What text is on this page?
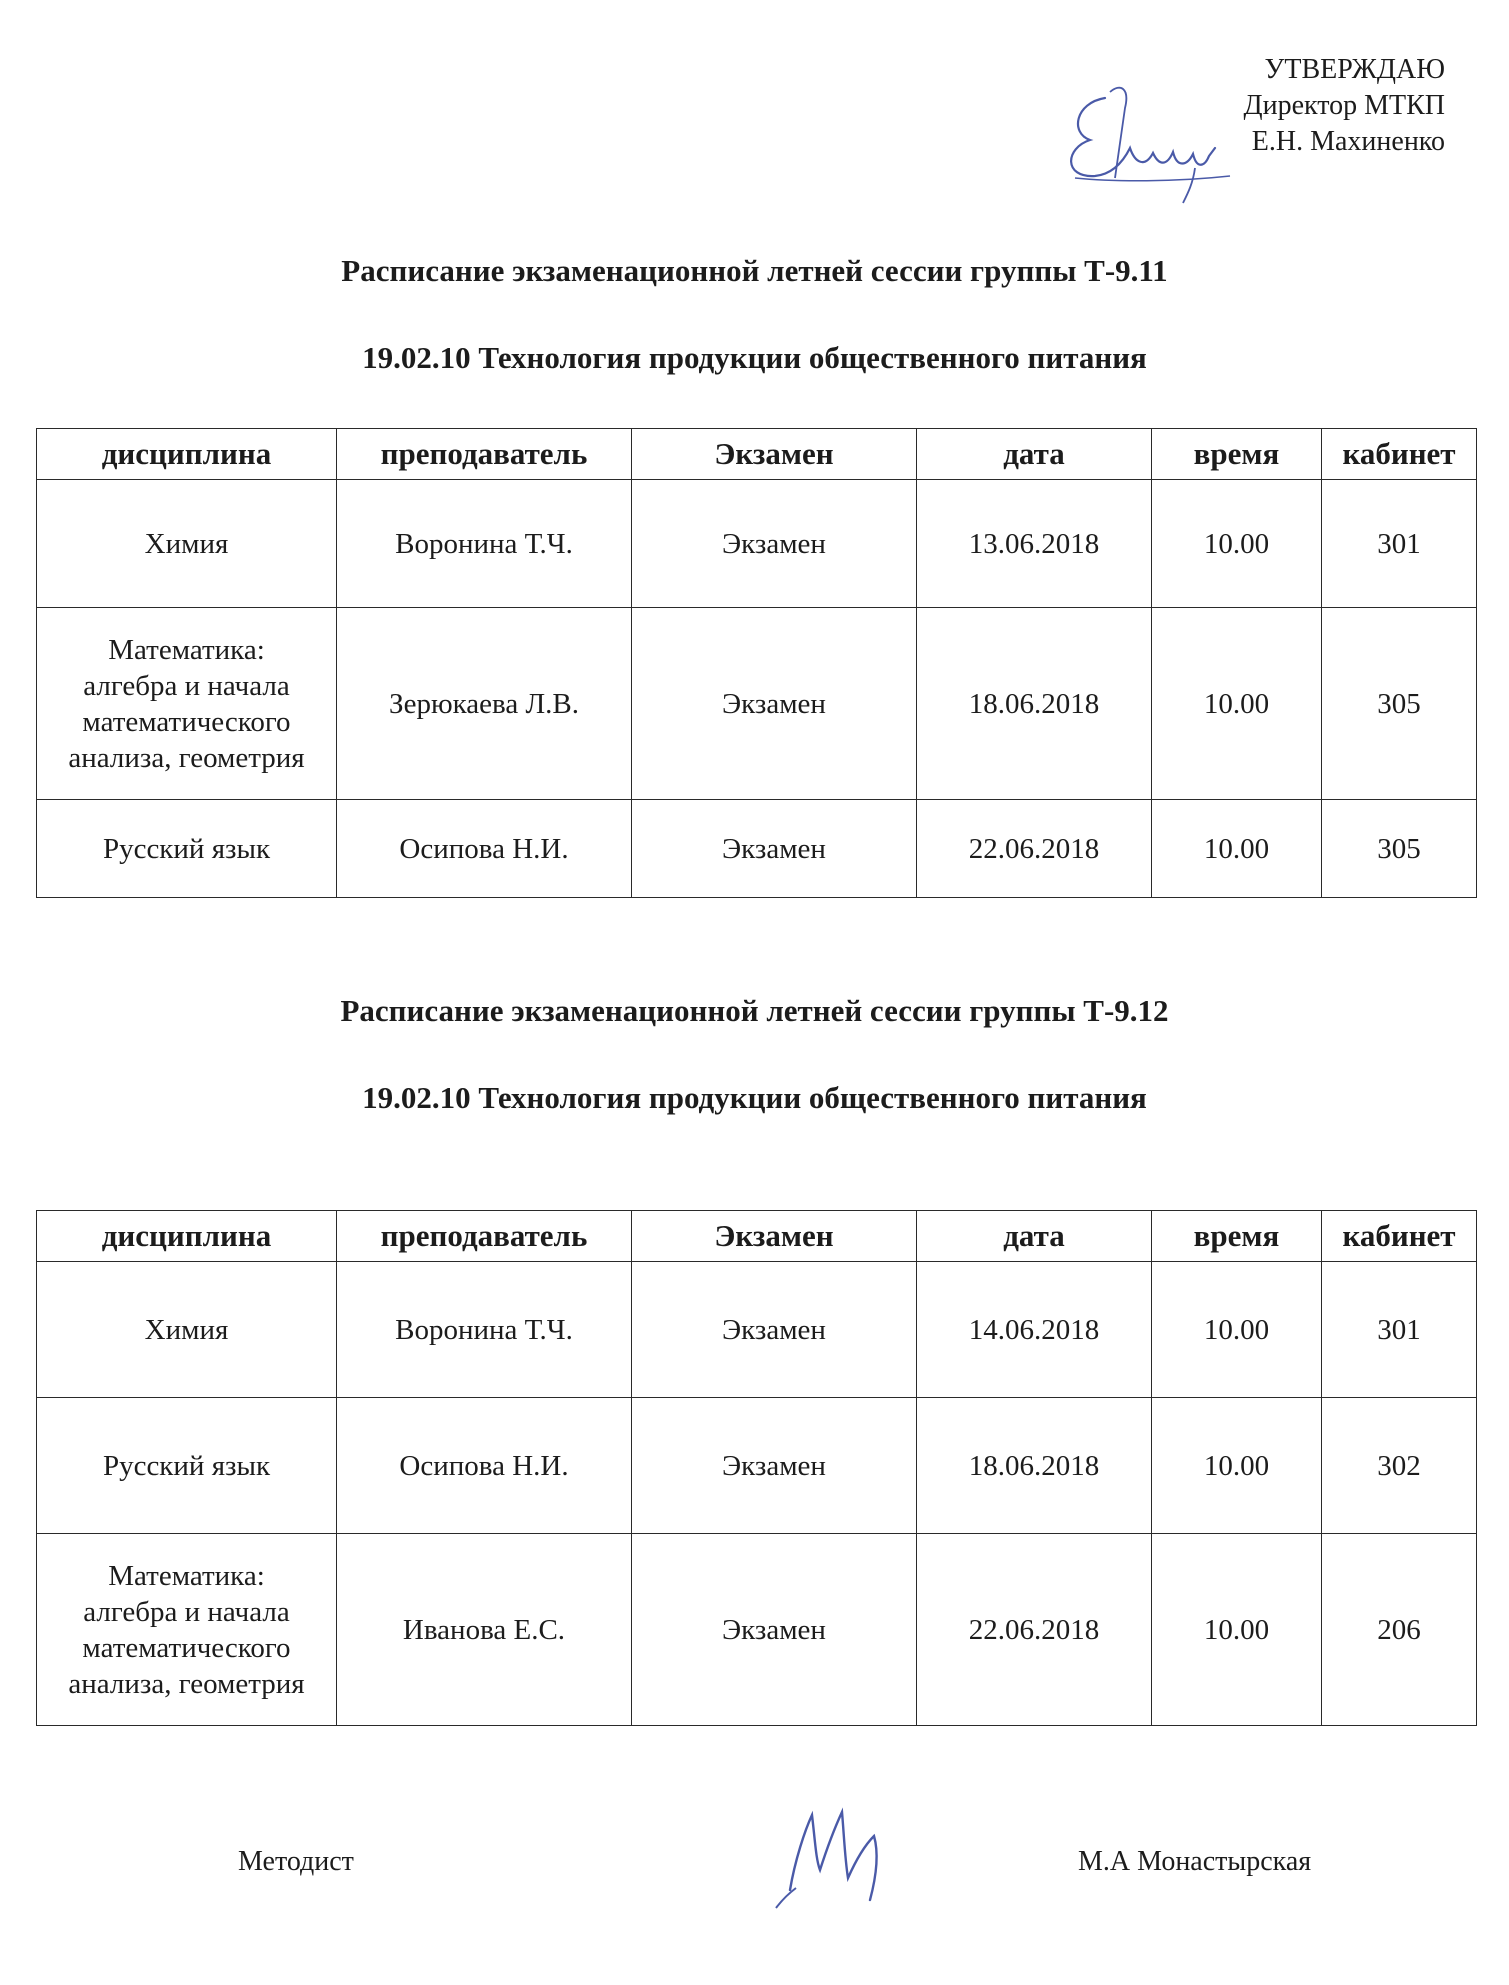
УТВЕРЖДАЮ
Директор МТКП
Е.Н. Махиненко
Расписание экзаменационной летней сессии группы Т-9.11
19.02.10 Технология продукции общественного питания
дисциплина	преподаватель	Экзамен	дата	время	кабинет
Химия	Воронина Т.Ч.	Экзамен	13.06.2018	10.00	301
Математика:
алгебра и начала
математического
анализа, геометрия	Зерюкаева Л.В.	Экзамен	18.06.2018	10.00	305
Русский язык	Осипова Н.И.	Экзамен	22.06.2018	10.00	305
Расписание экзаменационной летней сессии группы Т-9.12
19.02.10 Технология продукции общественного питания
дисциплина	преподаватель	Экзамен	дата	время	кабинет
Химия	Воронина Т.Ч.	Экзамен	14.06.2018	10.00	301
Русский язык	Осипова Н.И.	Экзамен	18.06.2018	10.00	302
Математика:
алгебра и начала
математического
анализа, геометрия	Иванова Е.С.	Экзамен	22.06.2018	10.00	206
Методист	М.А Монастырская
